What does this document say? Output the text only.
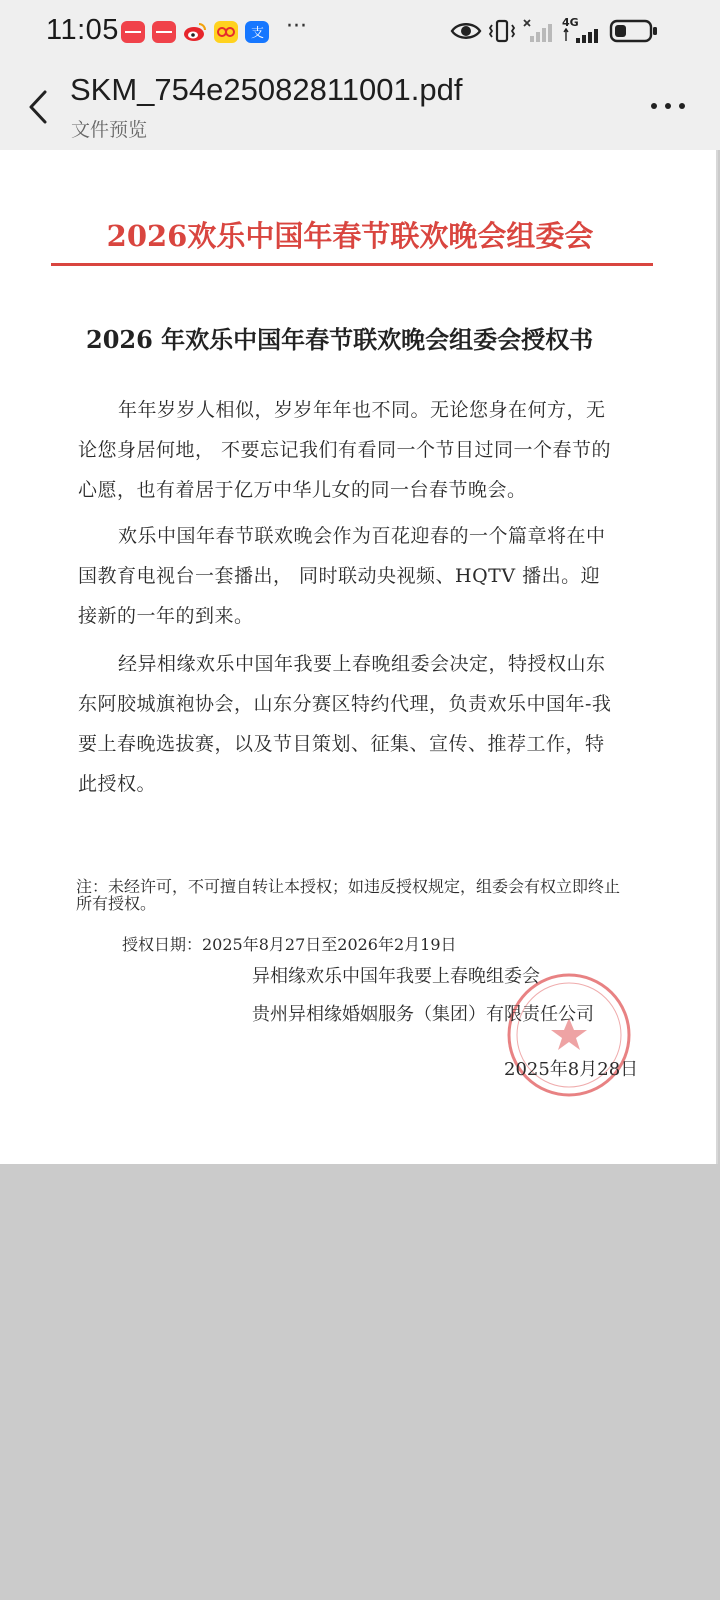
11:05	支 ···	4G
SKM_754e25082811001.pdf
文件预览
2026欢乐中国年春节联欢晚会组委会
2026 年欢乐中国年春节联欢晚会组委会授权书
年年岁岁人相似，岁岁年年也不同。无论您身在何方，无论您身居何地， 不要忘记我们有看同一个节目过同一个春节的心愿，也有着居于亿万中华儿女的同一台春节晚会。
欢乐中国年春节联欢晚会作为百花迎春的一个篇章将在中国教育电视台一套播出， 同时联动央视频、HQTV 播出。迎接新的一年的到来。
经异相缘欢乐中国年我要上春晚组委会决定，特授权山东东阿胶城旗袍协会，山东分赛区特约代理，负责欢乐中国年-我要上春晚选拔赛，以及节目策划、征集、宣传、推荐工作，特此授权。
注：未经许可，不可擅自转让本授权；如违反授权规定，组委会有权立即终止所有授权。
授权日期：2025年8月27日至2026年2月19日
异相缘欢乐中国年我要上春晚组委会
贵州异相缘婚姻服务（集团）有限责任公司
2025年8月28日
